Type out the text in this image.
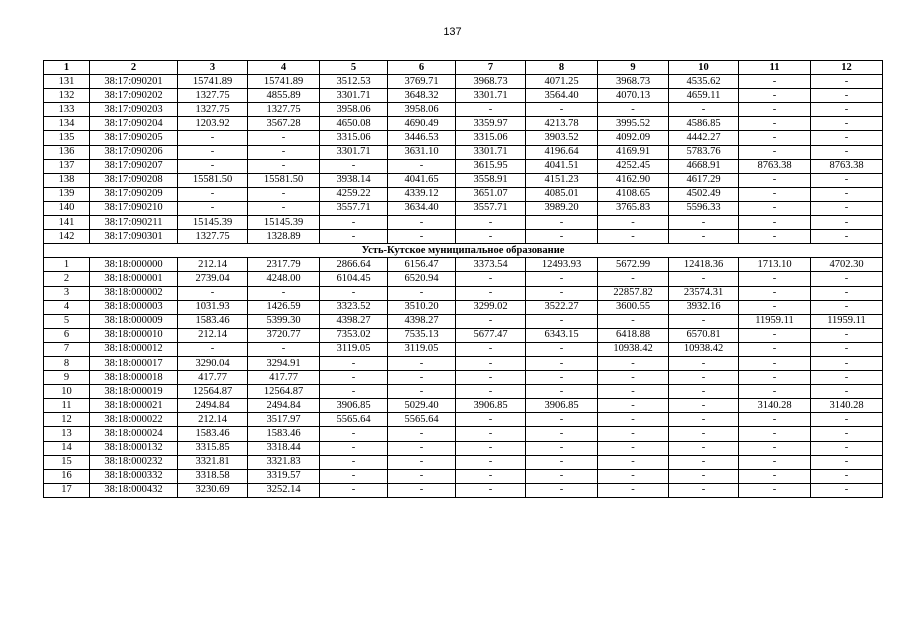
137
1	2	3	4	5	6	7	8	9	10	11	12
131	38:17:090201	15741.89	15741.89	3512.53	3769.71	3968.73	4071.25	3968.73	4535.62	-	-
132	38:17:090202	1327.75	4855.89	3301.71	3648.32	3301.71	3564.40	4070.13	4659.11	-	-
133	38:17:090203	1327.75	1327.75	3958.06	3958.06	-	-	-	-	-	-
134	38:17:090204	1203.92	3567.28	4650.08	4690.49	3359.97	4213.78	3995.52	4586.85	-	-
135	38:17:090205	-	-	3315.06	3446.53	3315.06	3903.52	4092.09	4442.27	-	-
136	38:17:090206	-	-	3301.71	3631.10	3301.71	4196.64	4169.91	5783.76	-	-
137	38:17:090207	-	-	-	-	3615.95	4041.51	4252.45	4668.91	8763.38	8763.38
138	38:17:090208	15581.50	15581.50	3938.14	4041.65	3558.91	4151.23	4162.90	4617.29	-	-
139	38:17:090209	-	-	4259.22	4339.12	3651.07	4085.01	4108.65	4502.49	-	-
140	38:17:090210	-	-	3557.71	3634.40	3557.71	3989.20	3765.83	5596.33	-	-
141	38:17:090211	15145.39	15145.39	-	-	-	-	-	-	-	-
142	38:17:090301	1327.75	1328.89	-	-	-	-	-	-	-	-
Усть-Кутское муниципальное образование											
1	38:18:000000	212.14	2317.79	2866.64	6156.47	3373.54	12493.93	5672.99	12418.36	1713.10	4702.30
2	38:18:000001	2739.04	4248.00	6104.45	6520.94	-	-	-	-	-	-
3	38:18:000002	-	-	-	-	-	-	22857.82	23574.31	-	-
4	38:18:000003	1031.93	1426.59	3323.52	3510.20	3299.02	3522.27	3600.55	3932.16	-	-
5	38:18:000009	1583.46	5399.30	4398.27	4398.27	-	-	-	-	11959.11	11959.11
6	38:18:000010	212.14	3720.77	7353.02	7535.13	5677.47	6343.15	6418.88	6570.81	-	-
7	38:18:000012	-	-	3119.05	3119.05	-	-	10938.42	10938.42	-	-
8	38:18:000017	3290.04	3294.91	-	-	-	-	-	-	-	-
9	38:18:000018	417.77	417.77	-	-	-	-	-	-	-	-
10	38:18:000019	12564.87	12564.87	-	-	-	-	-	-	-	-
11	38:18:000021	2494.84	2494.84	3906.85	5029.40	3906.85	3906.85	-	-	3140.28	3140.28
12	38:18:000022	212.14	3517.97	5565.64	5565.64	-	-	-	-	-	-
13	38:18:000024	1583.46	1583.46	-	-	-	-	-	-	-	-
14	38:18:000132	3315.85	3318.44	-	-	-	-	-	-	-	-
15	38:18:000232	3321.81	3321.83	-	-	-	-	-	-	-	-
16	38:18:000332	3318.58	3319.57	-	-	-	-	-	-	-	-
17	38:18:000432	3230.69	3252.14	-	-	-	-	-	-	-	-
